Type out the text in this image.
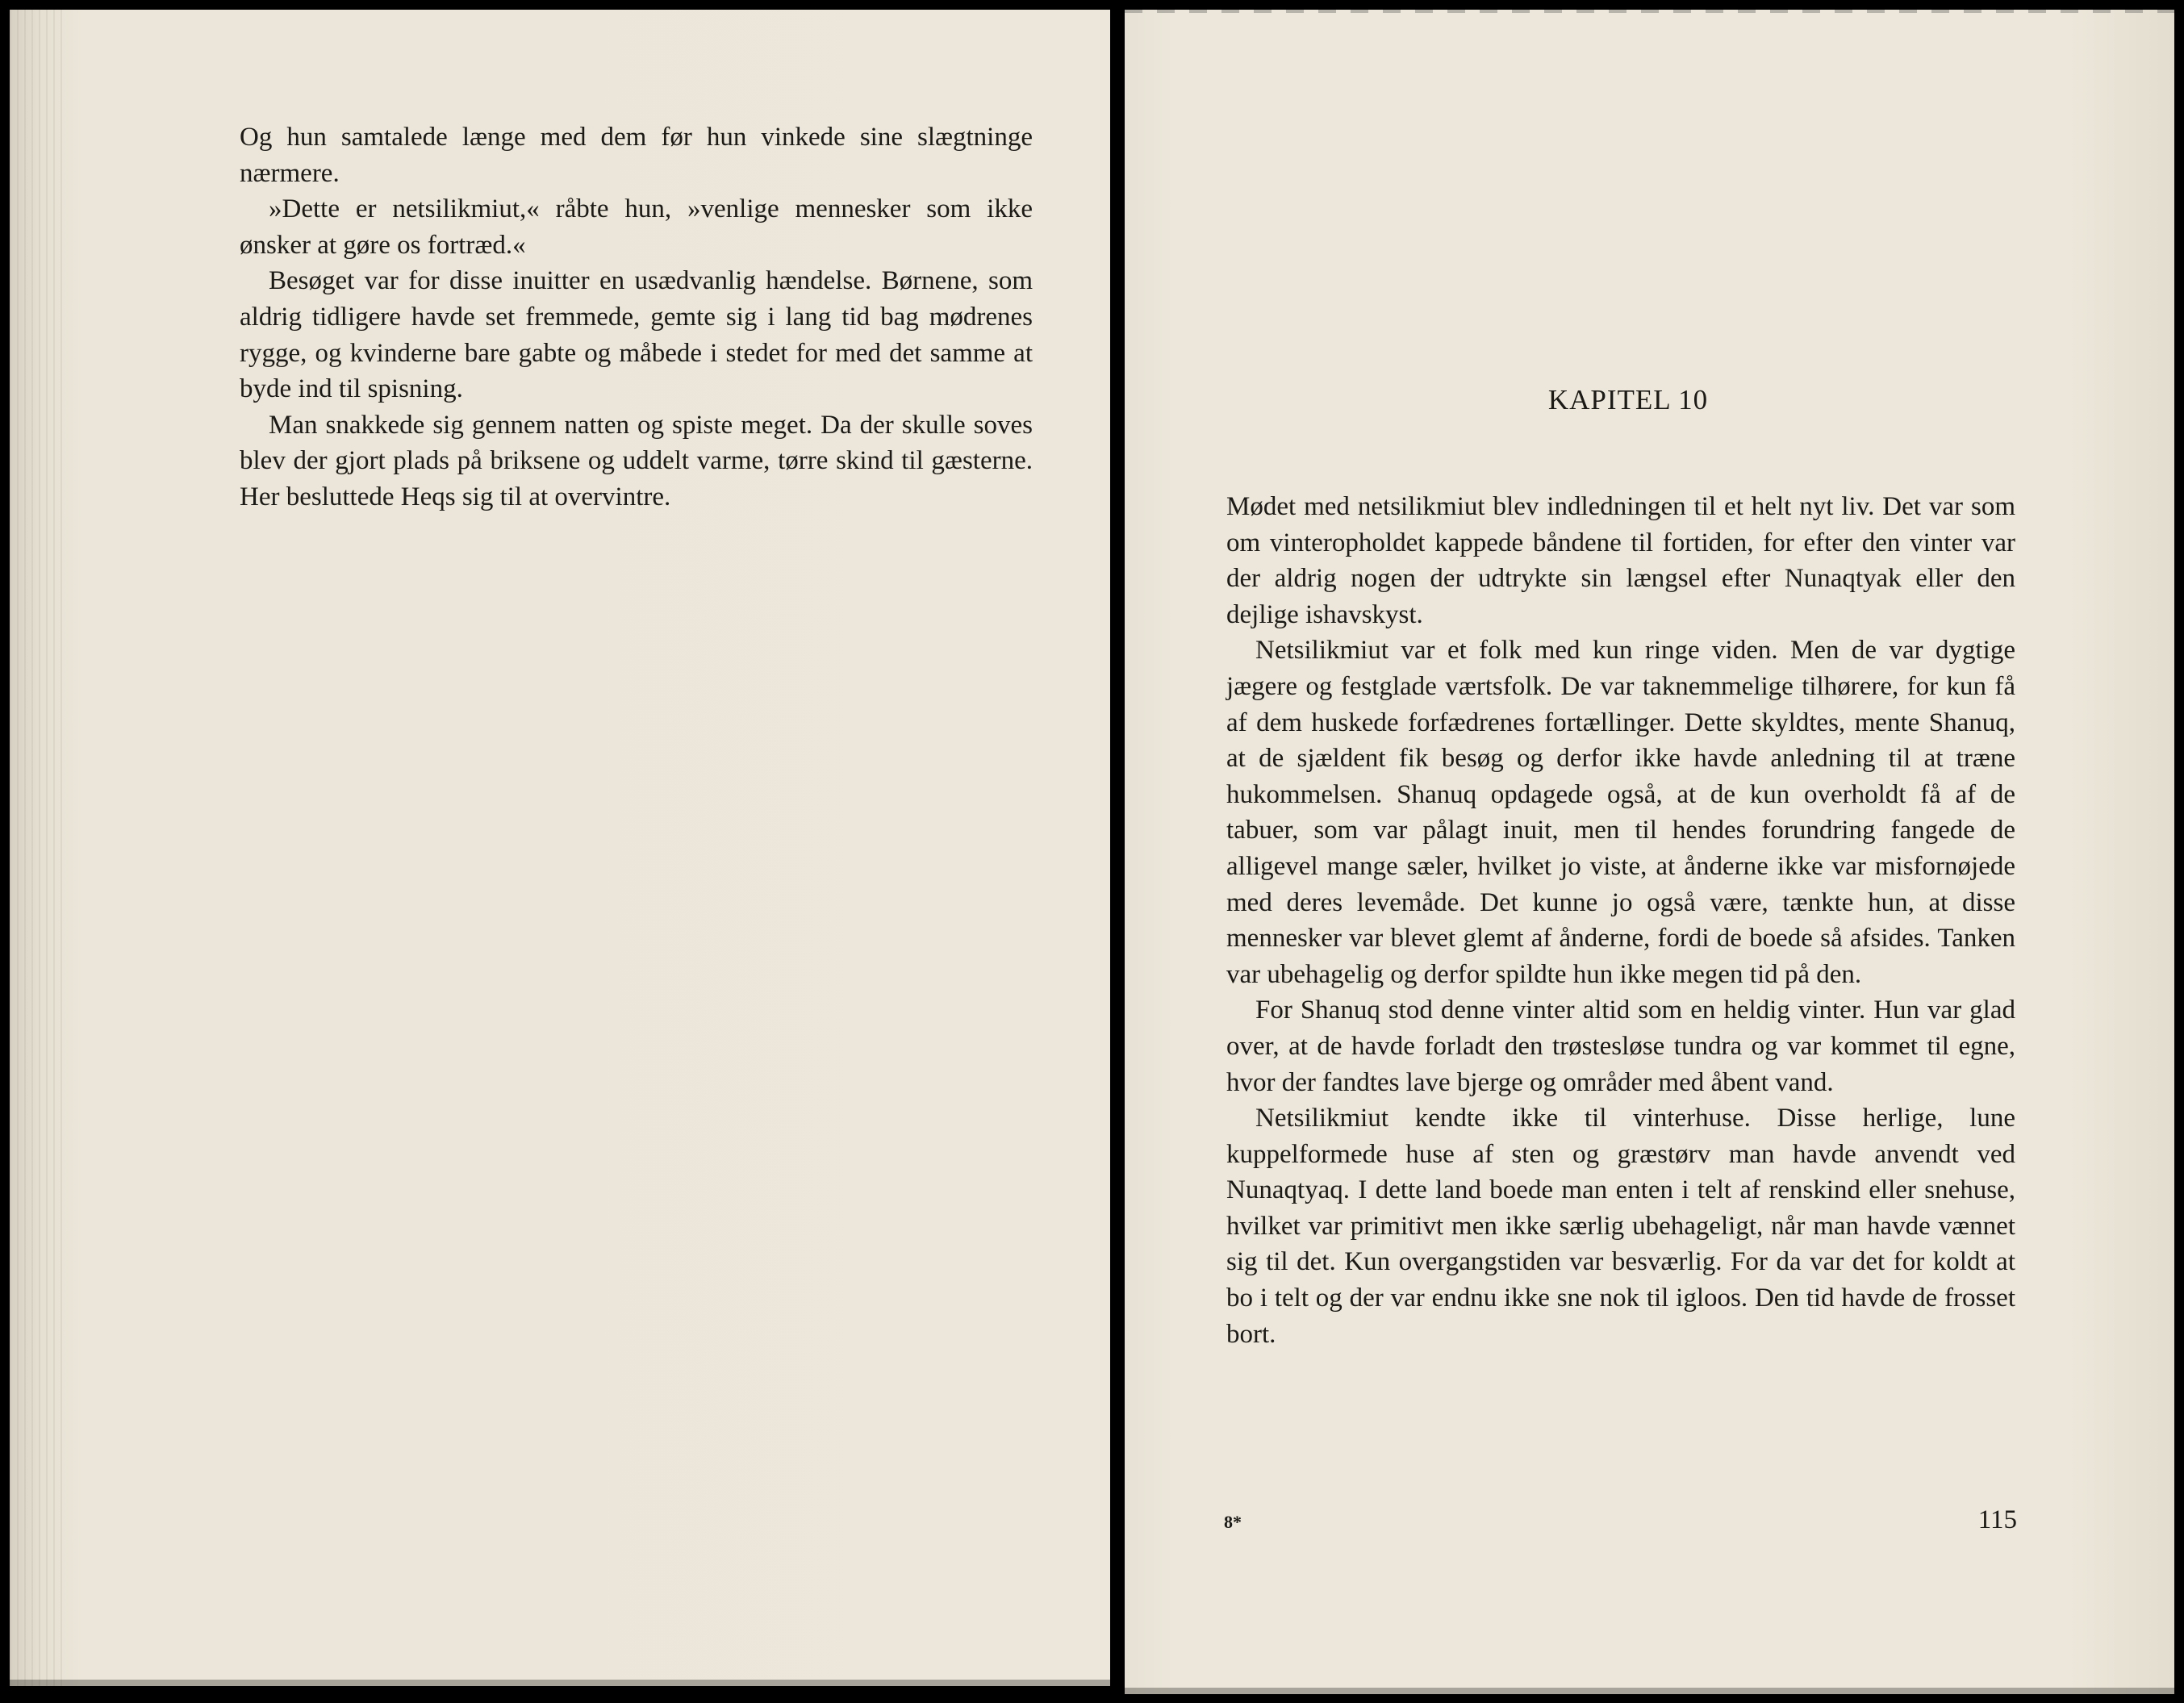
Og hun samtalede længe med dem før hun vinkede sine slægtninge nærmere.

»Dette er netsilikmiut,« råbte hun, »venlige mennesker som ikke ønsker at gøre os fortræd.«

Besøget var for disse inuitter en usædvanlig hændelse. Børnene, som aldrig tidligere havde set fremmede, gemte sig i lang tid bag mødrenes rygge, og kvinderne bare gabte og måbede i stedet for med det samme at byde ind til spisning.

Man snakkede sig gennem natten og spiste meget. Da der skulle soves blev der gjort plads på briksene og uddelt varme, tørre skind til gæsterne. Her besluttede Heqs sig til at overvintre.

KAPITEL 10

Mødet med netsilikmiut blev indledningen til et helt nyt liv. Det var som om vinteropholdet kappede båndene til fortiden, for efter den vinter var der aldrig nogen der udtrykte sin længsel efter Nunaqtyak eller den dejlige ishavskyst.

Netsilikmiut var et folk med kun ringe viden. Men de var dygtige jægere og festglade værtsfolk. De var taknemmelige tilhørere, for kun få af dem huskede forfædrenes fortællinger. Dette skyldtes, mente Shanuq, at de sjældent fik besøg og derfor ikke havde anledning til at træne hukommelsen. Shanuq opdagede også, at de kun overholdt få af de tabuer, som var pålagt inuit, men til hendes forundring fangede de alligevel mange sæler, hvilket jo viste, at ånderne ikke var misfornøjede med deres levemåde. Det kunne jo også være, tænkte hun, at disse mennesker var blevet glemt af ånderne, fordi de boede så afsides. Tanken var ubehagelig og derfor spildte hun ikke megen tid på den.

For Shanuq stod denne vinter altid som en heldig vinter. Hun var glad over, at de havde forladt den trøstesløse tundra og var kommet til egne, hvor der fandtes lave bjerge og områder med åbent vand.

Netsilikmiut kendte ikke til vinterhuse. Disse herlige, lune kuppelformede huse af sten og græstørv man havde anvendt ved Nunaqtyaq. I dette land boede man enten i telt af renskind eller snehuse, hvilket var primitivt men ikke særlig ubehageligt, når man havde vænnet sig til det. Kun overgangstiden var besværlig. For da var det for koldt at bo i telt og der var endnu ikke sne nok til igloos. Den tid havde de frosset bort.

8*	115
